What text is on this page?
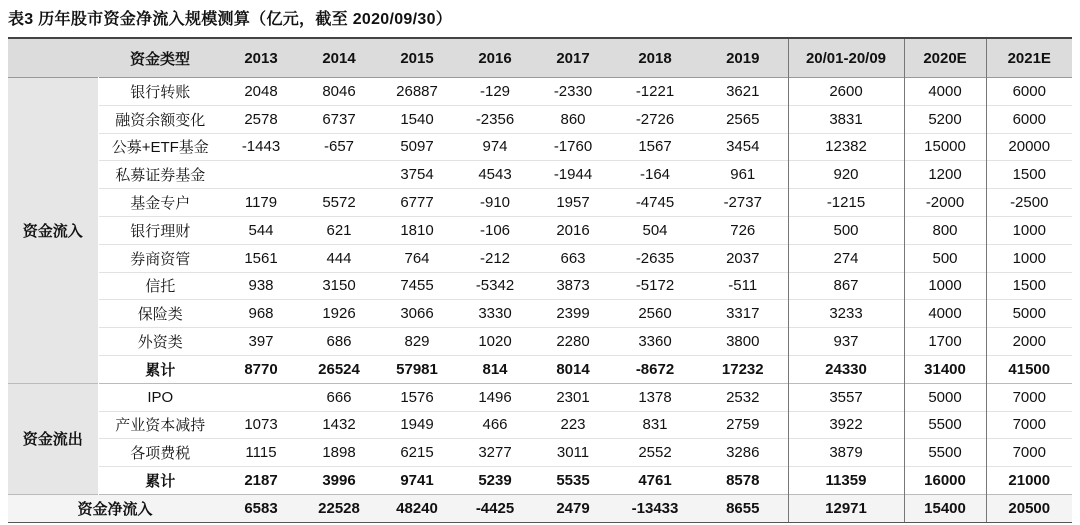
表3 历年股市资金净流入规模测算（亿元，截至 2020/09/30）
	资金类型	2013	2014	2015	2016	2017	2018	2019	20/01-20/09	2020E	2021E
资金流入	银行转账	2048	8046	26887	-129	-2330	-1221	3621	2600	4000	6000
	融资余额变化	2578	6737	1540	-2356	860	-2726	2565	3831	5200	6000
	公募+ETF基金	-1443	-657	5097	974	-1760	1567	3454	12382	15000	20000
	私募证券基金			3754	4543	-1944	-164	961	920	1200	1500
	基金专户	1179	5572	6777	-910	1957	-4745	-2737	-1215	-2000	-2500
	银行理财	544	621	1810	-106	2016	504	726	500	800	1000
	券商资管	1561	444	764	-212	663	-2635	2037	274	500	1000
	信托	938	3150	7455	-5342	3873	-5172	-511	867	1000	1500
	保险类	968	1926	3066	3330	2399	2560	3317	3233	4000	5000
	外资类	397	686	829	1020	2280	3360	3800	937	1700	2000
	累计	8770	26524	57981	814	8014	-8672	17232	24330	31400	41500
资金流出	IPO		666	1576	1496	2301	1378	2532	3557	5000	7000
	产业资本减持	1073	1432	1949	466	223	831	2759	3922	5500	7000
	各项费税	1115	1898	6215	3277	3011	2552	3286	3879	5500	7000
	累计	2187	3996	9741	5239	5535	4761	8578	11359	16000	21000
资金净流入		6583	22528	48240	-4425	2479	-13433	8655	12971	15400	20500
